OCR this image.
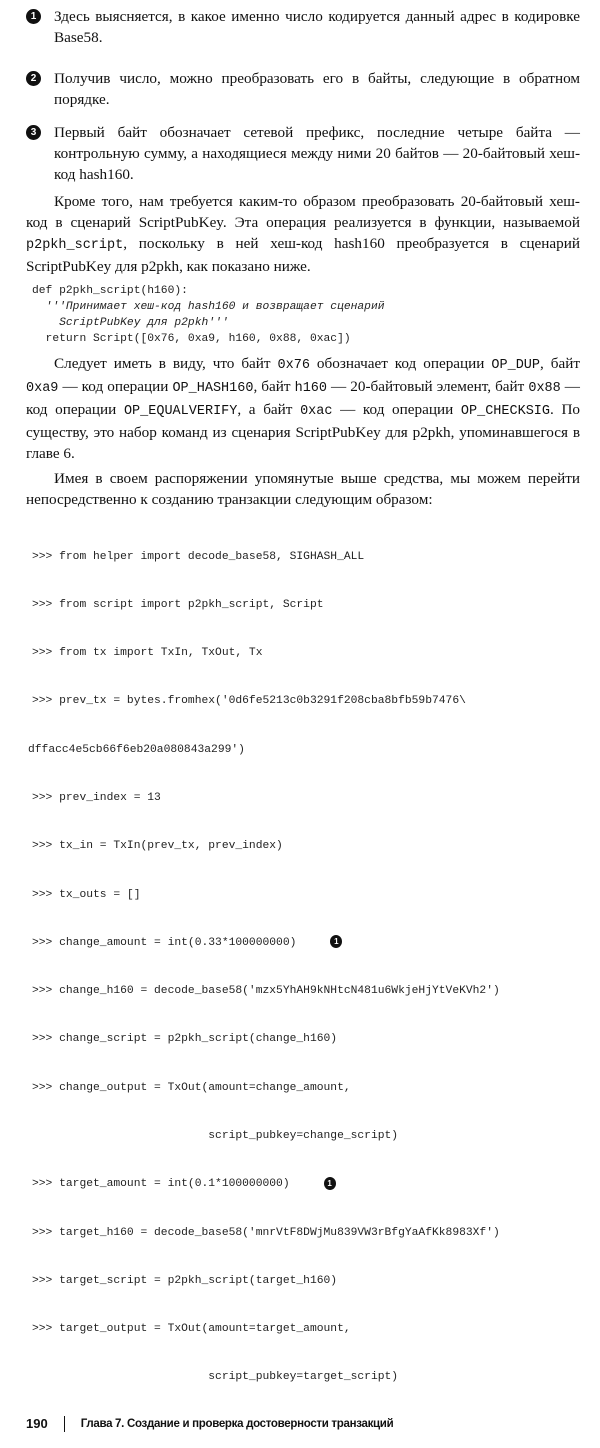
1	Здесь выясняется, в какое именно число кодируется данный адрес в кодировке Base58.
2	Получив число, можно преобразовать его в байты, следующие в обратном порядке.
3	Первый байт обозначает сетевой префикс, последние четыре байта — контрольную сумму, а находящиеся между ними 20 байтов — 20-байтовый хеш-код hash160.
Кроме того, нам требуется каким-то образом преобразовать 20-байтовый хеш-код в сценарий ScriptPubKey. Эта операция реализуется в функции, называемой p2pkh_script, поскольку в ней хеш-код hash160 преобразуется в сценарий ScriptPubKey для p2pkh, как показано ниже.
def p2pkh_script(h160):
'''Принимает хеш-код hash160 и возвращает сценарий
ScriptPubKey для p2pkh'''
return Script([0x76, 0xa9, h160, 0x88, 0xac])
Следует иметь в виду, что байт 0x76 обозначает код операции OP_DUP, байт 0xa9 — код операции OP_HASH160, байт h160 — 20-байтовый элемент, байт 0x88 — код операции OP_EQUALVERIFY, а байт 0xac — код операции OP_CHECKSIG. По существу, это набор команд из сценария ScriptPubKey для p2pkh, упоминавшегося в главе 6.
Имея в своем распоряжении упомянутые выше средства, мы можем перейти непосредственно к созданию транзакции следующим образом:

>>> from helper import decode_base58, SIGHASH_ALL

>>> from script import p2pkh_script, Script

>>> from tx import TxIn, TxOut, Tx

>>> prev_tx = bytes.fromhex('0d6fe5213c0b3291f208cba8bfb59b7476\

dffacc4e5cb66f6eb20a080843a299')

>>> prev_index = 13

>>> tx_in = TxIn(prev_tx, prev_index)

>>> tx_outs = []

>>> change_amount = int(0.33*100000000)	1

>>> change_h160 = decode_base58('mzx5YhAH9kNHtcN481u6WkjeHjYtVeKVh2')

>>> change_script = p2pkh_script(change_h160)

>>> change_output = TxOut(amount=change_amount,

script_pubkey=change_script)

>>> target_amount = int(0.1*100000000)	1

>>> target_h160 = decode_base58('mnrVtF8DWjMu839VW3rBfgYaAfKk8983Xf')

>>> target_script = p2pkh_script(target_h160)

>>> target_output = TxOut(amount=target_amount,

script_pubkey=target_script)

190	Глава 7. Создание и проверка достоверности транзакций
